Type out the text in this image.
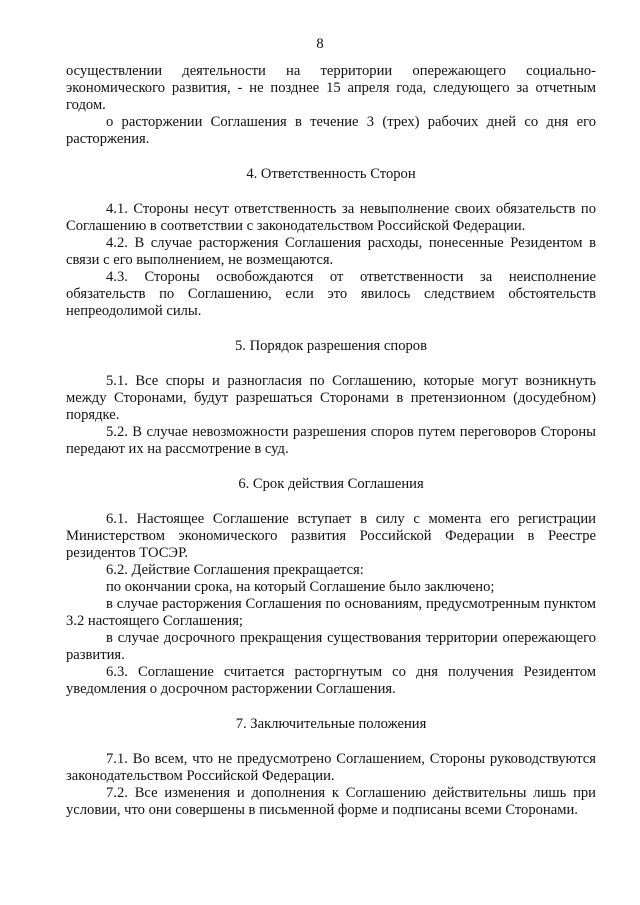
8

осуществлении деятельности на территории опережающего социально-экономического развития, - не позднее 15 апреля года, следующего за отчетным годом.

о расторжении Соглашения в течение 3 (трех) рабочих дней со дня его расторжения.

4. Ответственность Сторон

4.1. Стороны несут ответственность за невыполнение своих обязательств по Соглашению в соответствии с законодательством Российской Федерации.

4.2. В случае расторжения Соглашения расходы, понесенные Резидентом в связи с его выполнением, не возмещаются.

4.3. Стороны освобождаются от ответственности за неисполнение обязательств по Соглашению, если это явилось следствием обстоятельств непреодолимой силы.

5. Порядок разрешения споров

5.1. Все споры и разногласия по Соглашению, которые могут возникнуть между Сторонами, будут разрешаться Сторонами в претензионном (досудебном) порядке.

5.2. В случае невозможности разрешения споров путем переговоров Стороны передают их на рассмотрение в суд.

6. Срок действия Соглашения

6.1. Настоящее Соглашение вступает в силу с момента его регистрации Министерством экономического развития Российской Федерации в Реестре резидентов ТОСЭР.

6.2. Действие Соглашения прекращается:

по окончании срока, на который Соглашение было заключено;

в случае расторжения Соглашения по основаниям, предусмотренным пунктом 3.2 настоящего Соглашения;

в случае досрочного прекращения существования территории опережающего развития.

6.3. Соглашение считается расторгнутым со дня получения Резидентом уведомления о досрочном расторжении Соглашения.

7. Заключительные положения

7.1. Во всем, что не предусмотрено Соглашением, Стороны руководствуются законодательством Российской Федерации.

7.2. Все изменения и дополнения к Соглашению действительны лишь при условии, что они совершены в письменной форме и подписаны всеми Сторонами.
